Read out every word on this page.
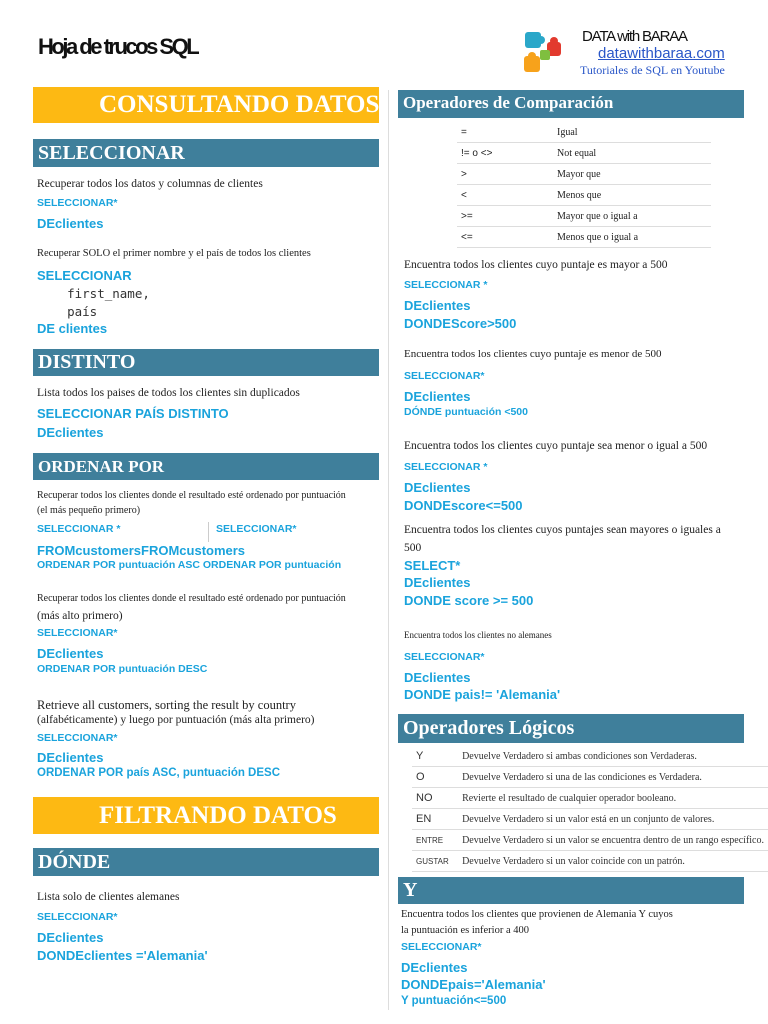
Hoja de trucos SQL	DATA with BARAA
datawithbaraa.com
Tutoriales de SQL en Youtube
CONSULTANDO DATOS
SELECCIONAR
Recuperar todos los datos y columnas de clientes
SELECCIONAR*
DEclientes
Recuperar SOLO el primer nombre y el país de todos los clientes
SELECCIONAR
first_name,
país
DE clientes
DISTINTO
Lista todos los paises de todos los clientes sin duplicados
SELECCIONAR PAÍS DISTINTO
DEclientes
ORDENAR POR
Recuperar todos los clientes donde el resultado esté ordenado por puntuación
(el más pequeño primero)
SELECCIONAR *	SELECCIONAR*
FROMcustomersFROMcustomers
ORDENAR POR puntuación ASC ORDENAR POR puntuación
Recuperar todos los clientes donde el resultado esté ordenado por puntuación
(más alto primero)
SELECCIONAR*
DEclientes
ORDENAR POR puntuación DESC
Retrieve all customers, sorting the result by country
(alfabéticamente) y luego por puntuación (más alta primero)
SELECCIONAR*
DEclientes
ORDENAR POR país ASC, puntuación DESC
FILTRANDO DATOS
DÓNDE
Lista solo de clientes alemanes
SELECCIONAR*
DEclientes
DONDEclientes ='Alemania'
Operadores de Comparación
=	Igual
!= o <>	Not equal
>	Mayor que
<	Menos que
>=	Mayor que o igual a
<=	Menos que o igual a
Encuentra todos los clientes cuyo puntaje es mayor a 500
SELECCIONAR *
DEclientes
DONDEScore>500
Encuentra todos los clientes cuyo puntaje es menor de 500
SELECCIONAR*
DEclientes
DÓNDE puntuación <500
Encuentra todos los clientes cuyo puntaje sea menor o igual a 500
SELECCIONAR *
DEclientes
DONDEscore<=500
Encuentra todos los clientes cuyos puntajes sean mayores o iguales a
500
SELECT*
DEclientes
DONDE score >= 500
Encuentra todos los clientes no alemanes
SELECCIONAR*
DEclientes
DONDE pais!= 'Alemania'
Operadores Lógicos
Y	Devuelve Verdadero si ambas condiciones son Verdaderas.
O	Devuelve Verdadero si una de las condiciones es Verdadera.
NO	Revierte el resultado de cualquier operador booleano.
EN	Devuelve Verdadero si un valor está en un conjunto de valores.
ENTRE	Devuelve Verdadero si un valor se encuentra dentro de un rango específico.
GUSTAR	Devuelve Verdadero si un valor coincide con un patrón.
Y
Encuentra todos los clientes que provienen de Alemania Y cuyos
la puntuación es inferior a 400
SELECCIONAR*
DEclientes
DONDEpais='Alemania'
Y puntuación<=500
